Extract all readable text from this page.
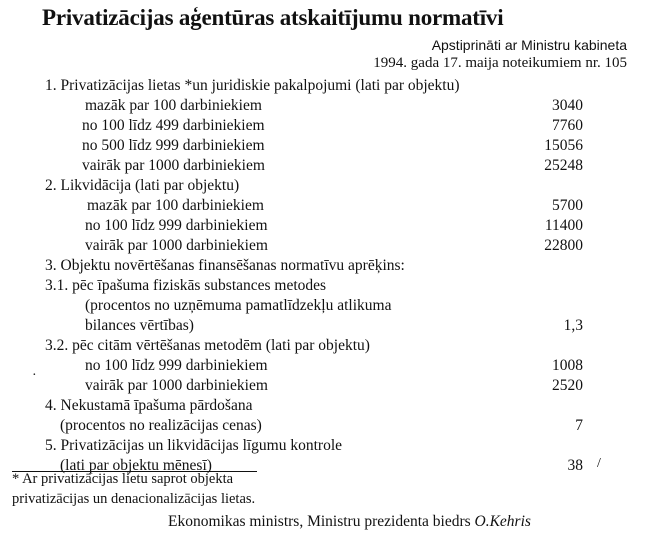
Privatizācijas aģentūras atskaitījumu normatīvi
Apstiprināti ar Ministru kabineta
1994. gada 17. maija noteikumiem nr. 105
1. Privatizācijas lietas *un juridiskie pakalpojumi (lati par objektu)
mazāk par 100 darbiniekiem	3040
no 100 līdz 499 darbiniekiem	7760
no 500 līdz 999 darbiniekiem	15056
vairāk par 1000 darbiniekiem	25248
2. Likvidācija (lati par objektu)
mazāk par 100 darbiniekiem	5700
no 100 līdz 999 darbiniekiem	11400
vairāk par 1000 darbiniekiem	22800
3. Objektu novērtēšanas finansēšanas normatīvu aprēķins:
3.1. pēc īpašuma fiziskās substances metodes
(procentos no uzņēmuma pamatlīdzekļu atlikuma
bilances vērtības)	1,3
3.2. pēc citām vērtēšanas metodēm (lati par objektu)
no 100 līdz 999 darbiniekiem	1008
vairāk par 1000 darbiniekiem	2520
4. Nekustamā īpašuma pārdošana
(procentos no realizācijas cenas)	7
5. Privatizācijas un likvidācijas līgumu kontrole
(lati par objektu mēnesī)	38 /
·
* Ar privatizācijas lietu saprot objekta
privatizācijas un denacionalizācijas lietas.
Ekonomikas ministrs, Ministru prezidenta biedrs O.Kehris
